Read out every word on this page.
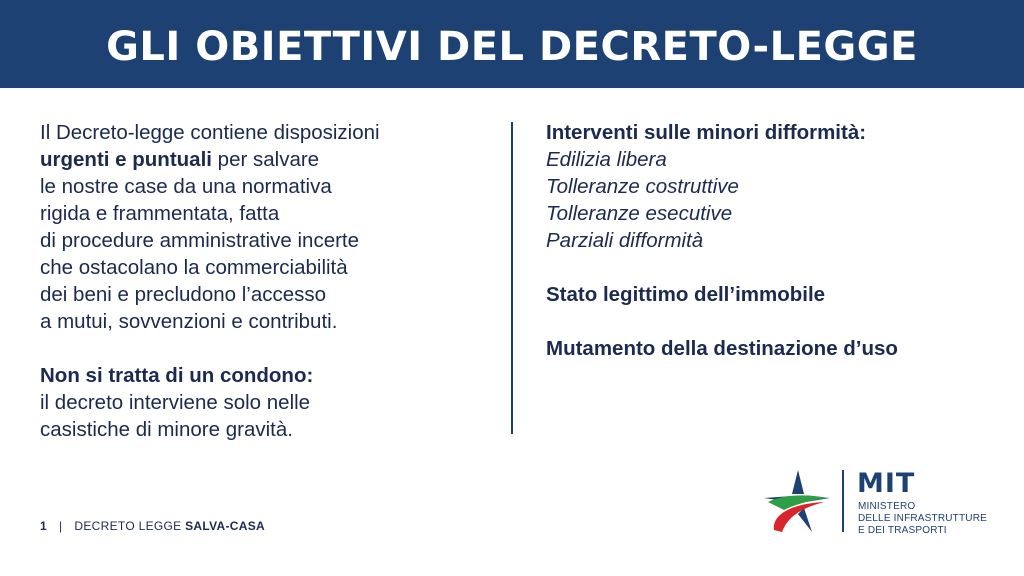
GLI OBIETTIVI DEL DECRETO-LEGGE
Il Decreto-legge contiene disposizioni
urgenti e puntuali per salvare
le nostre case da una normativa
rigida e frammentata, fatta
di procedure amministrative incerte
che ostacolano la commerciabilità
dei beni e precludono l’accesso
a mutui, sovvenzioni e contributi.
Non si tratta di un condono:
il decreto interviene solo nelle
casistiche di minore gravità.
Interventi sulle minori difformità:
Edilizia libera
Tolleranze costruttive
Tolleranze esecutive
Parziali difformità
Stato legittimo dell’immobile
Mutamento della destinazione d’uso
1 | DECRETO LEGGE
SALVA-CASA
MIT
MINISTERO
DELLE INFRASTRUTTURE
E DEI TRASPORTI
